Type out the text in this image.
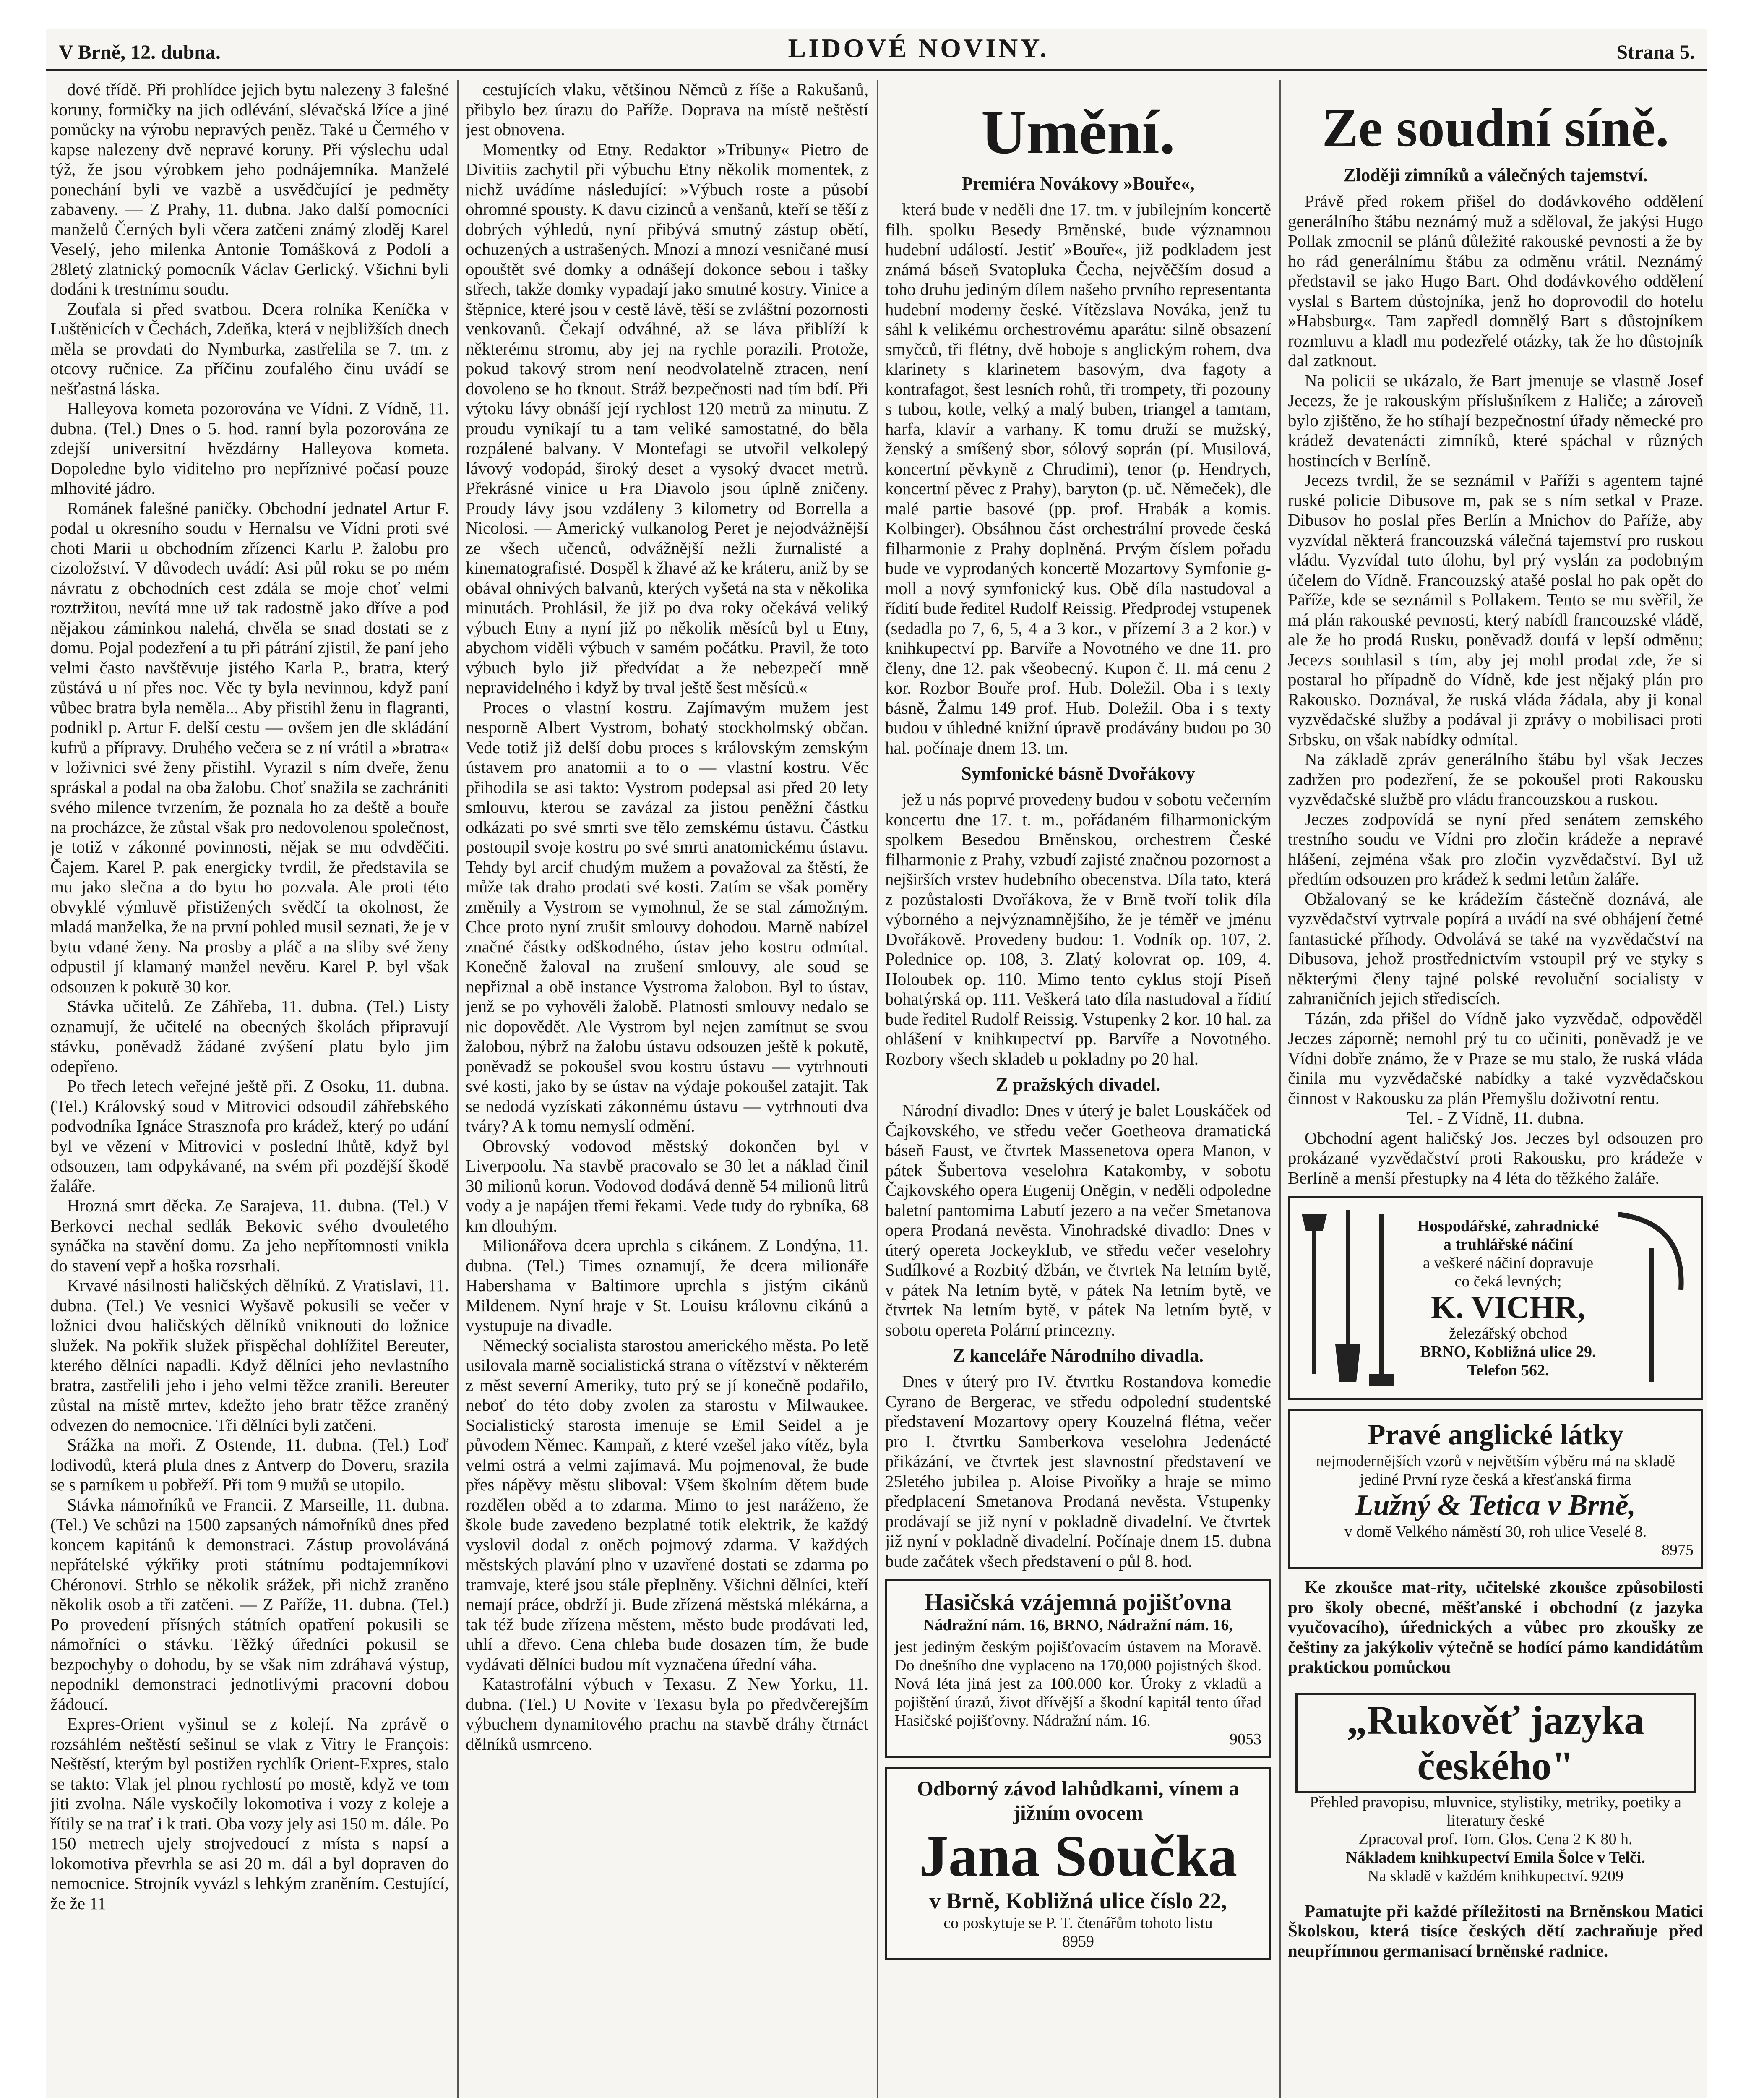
V Brně, 12. dubna.	LIDOVÉ NOVINY.	Strana 5.

dové třídě. Při prohlídce jejich bytu nalezeny 3 falešné koruny, formičky na jich odlévání, slévačská lžíce a jiné pomůcky na výrobu nepravých peněz. Také u Čermého v kapse nalezeny dvě nepravé koruny. Při výslechu udal týž, že jsou výrobkem jeho podnájemníka. Manželé ponechání byli ve vazbě a usvědčující je pedměty zabaveny. — Z Prahy, 11. dubna. Jako další pomocníci manželů Černých byli včera zatčeni známý zloděj Karel Veselý, jeho milenka Antonie Tomášková z Podolí a 28letý zlatnický pomocník Václav Gerlický. Všichni byli dodáni k trestnímu soudu.

Zoufala si před svatbou. Dcera rolníka Keníčka v Luštěnicích v Čechách, Zdeňka, která v nejbližších dnech měla se provdati do Nymburka, zastřelila se 7. tm. z otcovy ručnice. Za příčinu zoufalého činu uvádí se nešťastná láska.

Halleyova kometa pozorována ve Vídni. Z Vídně, 11. dubna. (Tel.) Dnes o 5. hod. ranní byla pozorována ze zdejší universitní hvězdárny Halleyova kometa. Dopoledne bylo viditelno pro nepříznivé počasí pouze mlhovité jádro.

Románek falešné paničky. Obchodní jednatel Artur F. podal u okresního soudu v Hernalsu ve Vídni proti své choti Marii u obchodním zřízenci Karlu P. žalobu pro cizoložství. V důvodech uvádí: Asi půl roku se po mém návratu z obchodních cest zdála se moje choť velmi roztržitou, nevítá mne už tak radostně jako dříve a pod nějakou záminkou nalehá, chvěla se snad dostati se z domu. Pojal podezření a tu při pátrání zjistil, že paní jeho velmi často navštěvuje jistého Karla P., bratra, který zůstává u ní přes noc. Věc ty byla nevinnou, když paní vůbec bratra byla neměla... Aby přistihl ženu in flagranti, podnikl p. Artur F. delší cestu — ovšem jen dle skládání kufrů a přípravy. Druhého večera se z ní vrátil a »bratra« v loživnici své ženy přistihl. Vyrazil s ním dveře, ženu spráskal a podal na oba žalobu. Choť snažila se zachrániti svého milence tvrzením, že poznala ho za deště a bouře na procházce, že zůstal však pro nedovolenou společnost, je totiž v zákonné povinnosti, nějak se mu odvděčiti. Čajem. Karel P. pak energicky tvrdil, že představila se mu jako slečna a do bytu ho pozvala. Ale proti této obvyklé výmluvě přistižených svědčí ta okolnost, že mladá manželka, že na první pohled musil seznati, že je v bytu vdané ženy. Na prosby a pláč a na sliby své ženy odpustil jí klamaný manžel nevěru. Karel P. byl však odsouzen k pokutě 30 kor.

Stávka učitelů. Ze Záhřeba, 11. dubna. (Tel.) Listy oznamují, že učitelé na obecných školách připravují stávku, poněvadž žádané zvýšení platu bylo jim odepřeno.

Po třech letech veřejné ještě při. Z Osoku, 11. dubna. (Tel.) Královský soud v Mitrovici odsoudil záhřebského podvodníka Ignáce Strasznofa pro krádež, který po udání byl ve vězení v Mitrovici v poslední lhůtě, když byl odsouzen, tam odpykávané, na svém při pozdější škodě žaláře.

Hrozná smrt děcka. Ze Sarajeva, 11. dubna. (Tel.) V Berkovci nechal sedlák Bekovic svého dvouletého synáčka na stavění domu. Za jeho nepřítomnosti vnikla do stavení vepř a hoška rozsrhali.

Krvavé násilnosti haličských dělníků. Z Vratislavi, 11. dubna. (Tel.) Ve vesnici Wyšavě pokusili se večer v ložnici dvou haličských dělníků vniknouti do ložnice služek. Na pokřik služek přispěchal dohlížitel Bereuter, kterého dělníci napadli. Když dělníci jeho nevlastního bratra, zastřelili jeho i jeho velmi těžce zranili. Bereuter zůstal na místě mrtev, kdežto jeho bratr těžce zraněný odvezen do nemocnice. Tři dělníci byli zatčeni.

Srážka na moři. Z Ostende, 11. dubna. (Tel.) Loď lodivodů, která plula dnes z Antverp do Doveru, srazila se s parníkem u pobřeží. Při tom 9 mužů se utopilo.

Stávka námořníků ve Francii. Z Marseille, 11. dubna. (Tel.) Ve schůzi na 1500 zapsaných námořníků dnes před koncem kapitánů k demonstraci. Zástup provoláváná nepřátelské výkřiky proti státnímu podtajemníkovi Chéronovi. Strhlo se několik srážek, při nichž zraněno několik osob a tři zatčeni. — Z Paříže, 11. dubna. (Tel.) Po provedení přísných státních opatření pokusili se námořníci o stávku. Těžký úředníci pokusil se bezpochyby o dohodu, by se však nim zdráhavá výstup, nepodnikl demonstraci jednotlivými pracovní dobou žádoucí.

Expres-Orient vyšinul se z kolejí. Na zprávě o rozsáhlém neštěstí sešinul se vlak z Vitry le François: Neštěstí, kterým byl postižen rychlík Orient-Expres, stalo se takto: Vlak jel plnou rychlostí po mostě, když ve tom jiti zvolna. Nále vyskočily lokomotiva i vozy z koleje a řítily se na trať i k trati. Oba vozy jely asi 150 m. dále. Po 150 metrech ujely strojvedoucí z místa s napsí a lokomotiva převrhla se asi 20 m. dál a byl dopraven do nemocnice. Strojník vyvázl s lehkým zraněním. Cestující, že že 11

cestujících vlaku, většinou Němců z říše a Rakušanů, přibylo bez úrazu do Paříže. Doprava na místě neštěstí jest obnovena.

Momentky od Etny. Redaktor »Tribuny« Pietro de Divitiis zachytil při výbuchu Etny několik momentek, z nichž uvádíme následující: »Výbuch roste a působí ohromné spousty. K davu cizinců a venšanů, kteří se těší z dobrých výhledů, nyní přibývá smutný zástup obětí, ochuzených a ustrašených. Mnozí a mnozí vesničané musí opouštět své domky a odnášejí dokonce sebou i tašky střech, takže domky vypadají jako smutné kostry. Vinice a štěpnice, které jsou v cestě lávě, těší se zvláštní pozornosti venkovanů. Čekají odváhné, až se láva přiblíží k některému stromu, aby jej na rychle porazili. Protože, pokud takový strom není neodvolatelně ztracen, není dovoleno se ho tknout. Stráž bezpečnosti nad tím bdí. Při výtoku lávy obnáší její rychlost 120 metrů za minutu. Z proudu vynikají tu a tam veliké samostatné, do běla rozpálené balvany. V Montefagi se utvořil velkolepý lávový vodopád, široký deset a vysoký dvacet metrů. Překrásné vinice u Fra Diavolo jsou úplně zničeny. Proudy lávy jsou vzdáleny 3 kilometry od Borrella a Nicolosi. — Americký vulkanolog Peret je nejodvážnější ze všech učenců, odvážnější nežli žurnalisté a kinematografisté. Dospěl k žhavé až ke kráteru, aniž by se obával ohnivých balvanů, kterých vyšetá na sta v několika minutách. Prohlásil, že již po dva roky očekává veliký výbuch Etny a nyní již po několik měsíců byl u Etny, abychom viděli výbuch v samém počátku. Pravil, že toto výbuch bylo již předvídat a že nebezpečí mně nepravidelného i když by trval ještě šest měsíců.«

Proces o vlastní kostru. Zajímavým mužem jest nesporně Albert Vystrom, bohatý stockholmský občan. Vede totiž již delší dobu proces s královským zemským ústavem pro anatomii a to o — vlastní kostru. Věc přihodila se asi takto: Vystrom podepsal asi před 20 lety smlouvu, kterou se zavázal za jistou peněžní částku odkázati po své smrti sve tělo zemskému ústavu. Částku postoupil svoje kostru po své smrti anatomickému ústavu. Tehdy byl arcif chudým mužem a považoval za štěstí, že může tak draho prodati své kosti. Zatím se však poměry změnily a Vystrom se vymohnul, že se stal zámožným. Chce proto nyní zrušit smlouvy dohodou. Marně nabízel značné částky odškodného, ústav jeho kostru odmítal. Konečně žaloval na zrušení smlouvy, ale soud se nepřiznal a obě instance Vystroma žalobou. Byl to ústav, jenž se po vyhověli žalobě. Platnosti smlouvy nedalo se nic dopovědět. Ale Vystrom byl nejen zamítnut se svou žalobou, nýbrž na žalobu ústavu odsouzen ještě k pokutě, poněvadž se pokoušel svou kostru ústavu — vytrhnouti své kosti, jako by se ústav na výdaje pokoušel zatajit. Tak se nedodá vyzískati zákonnému ústavu — vytrhnouti dva tváry? A k tomu nemyslí odmění.

Obrovský vodovod městský dokončen byl v Liverpoolu. Na stavbě pracovalo se 30 let a náklad činil 30 milionů korun. Vodovod dodává denně 54 milionů litrů vody a je napájen třemi řekami. Vede tudy do rybníka, 68 km dlouhým.

Milionářova dcera uprchla s cikánem. Z Londýna, 11. dubna. (Tel.) Times oznamují, že dcera milionáře Habershama v Baltimore uprchla s jistým cikánů Mildenem. Nyní hraje v St. Louisu královnu cikánů a vystupuje na divadle.

Německý socialista starostou amerického města. Po letě usilovala marně socialistická strana o vítězství v některém z měst severní Ameriky, tuto prý se jí konečně podařilo, neboť do této doby zvolen za starostu v Milwaukee. Socialistický starosta imenuje se Emil Seidel a je původem Němec. Kampaň, z které vzešel jako vítěz, byla velmi ostrá a velmi zajímavá. Mu pojmenoval, že bude přes nápěvy městu sliboval: Všem školním dětem bude rozdělen oběd a to zdarma. Mimo to jest naráženo, že škole bude zavedeno bezplatné totik elektrik, že každý vyslovil dodal z oněch pojmový zdarma. V každých městských plavání plno v uzavřené dostati se zdarma po tramvaje, které jsou stále přeplněny. Všichni dělníci, kteří nemají práce, obdrží ji. Bude zřízená městská mlékárna, a tak též bude zřízena městem, město bude prodávati led, uhlí a dřevo. Cena chleba bude dosazen tím, že bude vydávati dělníci budou mít vyznačena úřední váha.

Katastrofální výbuch v Texasu. Z New Yorku, 11. dubna. (Tel.) U Novite v Texasu byla po předvčerejším výbuchem dynamitového prachu na stavbě dráhy čtrnáct dělníků usmrceno.

Umění.
Premiéra Novákovy »Bouře«,

která bude v neděli dne 17. tm. v jubilejním koncertě filh. spolku Besedy Brněnské, bude významnou hudební událostí. Jestiť »Bouře«, již podkladem jest známá báseň Svatopluka Čecha, nejvěčším dosud a toho druhu jediným dílem našeho prvního representanta hudební moderny české. Vítězslava Nováka, jenž tu sáhl k velikému orchestrovému aparátu: silně obsazení smyčců, tři flétny, dvě hoboje s anglickým rohem, dva klarinety s klarinetem basovým, dva fagoty a kontrafagot, šest lesních rohů, tři trompety, tři pozouny s tubou, kotle, velký a malý buben, triangel a tamtam, harfa, klavír a varhany. K tomu druží se mužský, ženský a smíšený sbor, sólový soprán (pí. Musilová, koncertní pěvkyně z Chrudimi), tenor (p. Hendrych, koncertní pěvec z Prahy), baryton (p. uč. Němeček), dle malé partie basové (pp. prof. Hrabák a komis. Kolbinger). Obsáhnou část orchestrální provede česká filharmonie z Prahy doplněná. Prvým číslem pořadu bude ve vyprodaných koncertě Mozartovy Symfonie g-moll a nový symfonický kus. Obě díla nastudoval a řídití bude ředitel Rudolf Reissig. Předprodej vstupenek (sedadla po 7, 6, 5, 4 a 3 kor., v přízemí 3 a 2 kor.) v knihkupectví pp. Barvíře a Novotného ve dne 11. pro členy, dne 12. pak všeobecný. Kupon č. II. má cenu 2 kor. Rozbor Bouře prof. Hub. Doležil. Oba i s texty básně, Žalmu 149 prof. Hub. Doležil. Oba i s texty budou v úhledné knižní úpravě prodávány budou po 30 hal. počínaje dnem 13. tm.

Symfonické básně Dvořákovy

jež u nás poprvé provedeny budou v sobotu večerním koncertu dne 17. t. m., pořádaném filharmonickým spolkem Besedou Brněnskou, orchestrem České filharmonie z Prahy, vzbudí zajisté značnou pozornost a nejširších vrstev hudebního obecenstva. Díla tato, která z pozůstalosti Dvořákova, že v Brně tvoří tolik díla výborného a nejvýznamnějšího, že je téměř ve jménu Dvořákově. Provedeny budou: 1. Vodník op. 107, 2. Polednice op. 108, 3. Zlatý kolovrat op. 109, 4. Holoubek op. 110. Mimo tento cyklus stojí Píseň bohatýrská op. 111. Veškerá tato díla nastudoval a řídití bude ředitel Rudolf Reissig. Vstupenky 2 kor. 10 hal. za ohlášení v knihkupectví pp. Barvíře a Novotného. Rozbory všech skladeb u pokladny po 20 hal.

Z pražských divadel.

Národní divadlo: Dnes v úterý je balet Louskáček od Čajkovského, ve středu večer Goetheova dramatická báseň Faust, ve čtvrtek Massenetova opera Manon, v pátek Šubertova veselohra Katakomby, v sobotu Čajkovského opera Eugenij Oněgin, v neděli odpoledne baletní pantomima Labutí jezero a na večer Smetanova opera Prodaná nevěsta. Vinohradské divadlo: Dnes v úterý opereta Jockeyklub, ve středu večer veselohry Sudílkové a Rozbitý džbán, ve čtvrtek Na letním bytě, v pátek Na letním bytě, v pátek Na letním bytě, ve čtvrtek Na letním bytě, v pátek Na letním bytě, v sobotu opereta Polární princezny.

Z kanceláře Národního divadla.

Dnes v úterý pro IV. čtvrtku Rostandova komedie Cyrano de Bergerac, ve středu odpolední studentské představení Mozartovy opery Kouzelná flétna, večer pro I. čtvrtku Samberkova veselohra Jedenácté přikázání, ve čtvrtek jest slavnostní představení ve 25letého jubilea p. Aloise Pivoňky a hraje se mimo předplacení Smetanova Prodaná nevěsta. Vstupenky prodávají se již nyní v pokladně divadelní. Ve čtvrtek již nyní v pokladně divadelní. Počínaje dnem 15. dubna bude začátek všech představení o půl 8. hod.

Hasičská vzájemná pojišťovna
Nádražní nám. 16, BRNO, Nádražní nám. 16,
jest jediným českým pojišťovacím ústavem na Moravě. Do dnešního dne vyplaceno na 170,000 pojistných škod. Nová léta jiná jest za 100.000 kor. Úroky z vkladů a pojištění úrazů, život dřívější a škodní kapitál tento úřad Hasičské pojišťovny. Nádražní nám. 16.
9053
Odborný závod lahůdkami, vínem a jižním ovocem
Jana Součka
v Brně, Kobližná ulice číslo 22,
co poskytuje se P. T. čtenářům tohoto listu
8959
Ze soudní síně.
Zloději zimníků a válečných tajemství.

Právě před rokem přišel do dodávkového oddělení generálního štábu neznámý muž a sděloval, že jakýsi Hugo Pollak zmocnil se plánů důležité rakouské pevnosti a že by ho rád generálnímu štábu za odměnu vrátil. Neznámý představil se jako Hugo Bart. Ohd dodávkového oddělení vyslal s Bartem důstojníka, jenž ho doprovodil do hotelu »Habsburg«. Tam zapředl domnělý Bart s důstojníkem rozmluvu a kladl mu podezřelé otázky, tak že ho důstojník dal zatknout.

Na policii se ukázalo, že Bart jmenuje se vlastně Josef Jecezs, že je rakouským příslušníkem z Haliče; a zároveň bylo zjištěno, že ho stíhají bezpečnostní úřady německé pro krádež devatenácti zimníků, které spáchal v různých hostincích v Berlíně.

Jecezs tvrdil, že se seznámil v Paříži s agentem tajné ruské policie Dibusove m, pak se s ním setkal v Praze. Dibusov ho poslal přes Berlín a Mnichov do Paříže, aby vyzvídal některá francouzská válečná tajemství pro ruskou vládu. Vyzvídal tuto úlohu, byl prý vyslán za podobným účelem do Vídně. Francouzský atašé poslal ho pak opět do Paříže, kde se seznámil s Pollakem. Tento se mu svěřil, že má plán rakouské pevnosti, který nabídl francouzské vládě, ale že ho prodá Rusku, poněvadž doufá v lepší odměnu; Jecezs souhlasil s tím, aby jej mohl prodat zde, že si postaral ho případně do Vídně, kde jest nějaký plán pro Rakousko. Doznával, že ruská vláda žádala, aby ji konal vyzvědačské služby a podával ji zprávy o mobilisaci proti Srbsku, on však nabídky odmítal.

Na základě zpráv generálního štábu byl však Jeczes zadržen pro podezření, že se pokoušel proti Rakousku vyzvědačské službě pro vládu francouzskou a ruskou.

Jeczes zodpovídá se nyní před senátem zemského trestního soudu ve Vídni pro zločin krádeže a nepravé hlášení, zejména však pro zločin vyzvědačství. Byl už předtím odsouzen pro krádež k sedmi letům žaláře.

Obžalovaný se ke krádežím částečně doznává, ale vyzvědačství vytrvale popírá a uvádí na své obhájení četné fantastické příhody. Odvolává se také na vyzvědačství na Dibusova, jehož prostřednictvím vstoupil prý ve styky s některými členy tajné polské revoluční socialisty v zahraničních jejich střediscích.

Tázán, zda přišel do Vídně jako vyzvědač, odpověděl Jeczes záporně; nemohl prý tu co učiniti, poněvadž je ve Vídni dobře známo, že v Praze se mu stalo, že ruská vláda činila mu vyzvědačské nabídky a také vyzvědačskou činnost v Rakousku za plán Přemyšlu doživotní rentu.

Tel. - Z Vídně, 11. dubna.

Obchodní agent haličský Jos. Jeczes byl odsouzen pro prokázané vyzvědačství proti Rakousku, pro krádeže v Berlíně a menší přestupky na 4 léta do těžkého žaláře.

Hospodářské, zahradnické a truhlářské náčiní
a veškeré náčiní dopravuje co čeká levných;
K. VICHR,
železářský obchod
BRNO, Kobližná ulice 29.
Telefon 562.
Pravé anglické látky
nejmodernějších vzorů v největším výběru má na skladě jediné První ryze česká a křesťanská firma
Lužný & Tetica v Brně,
v domě Velkého náměstí 30, roh ulice Veselé 8.
8975

Ke zkoušce mat-rity, učitelské zkoušce způsobilosti pro školy obecné, měšťanské i obchodní (z jazyka vyučovacího), úřednických a vůbec pro zkoušky ze češtiny za jakýkoliv výtečně se hodící pámo kandidátům praktickou pomůckou

„Rukověť jazyka českého"
Přehled pravopisu, mluvnice, stylistiky, metriky, poetiky a literatury české
Zpracoval prof. Tom. Glos. Cena 2 K 80 h.
Nákladem knihkupectví Emila Šolce v Telči.
Na skladě v každém knihkupectví. 9209

Pamatujte při každé příležitosti na Brněnskou Matici Školskou, která tisíce českých dětí zachraňuje před neupřímnou germanisací brněnské radnice.
